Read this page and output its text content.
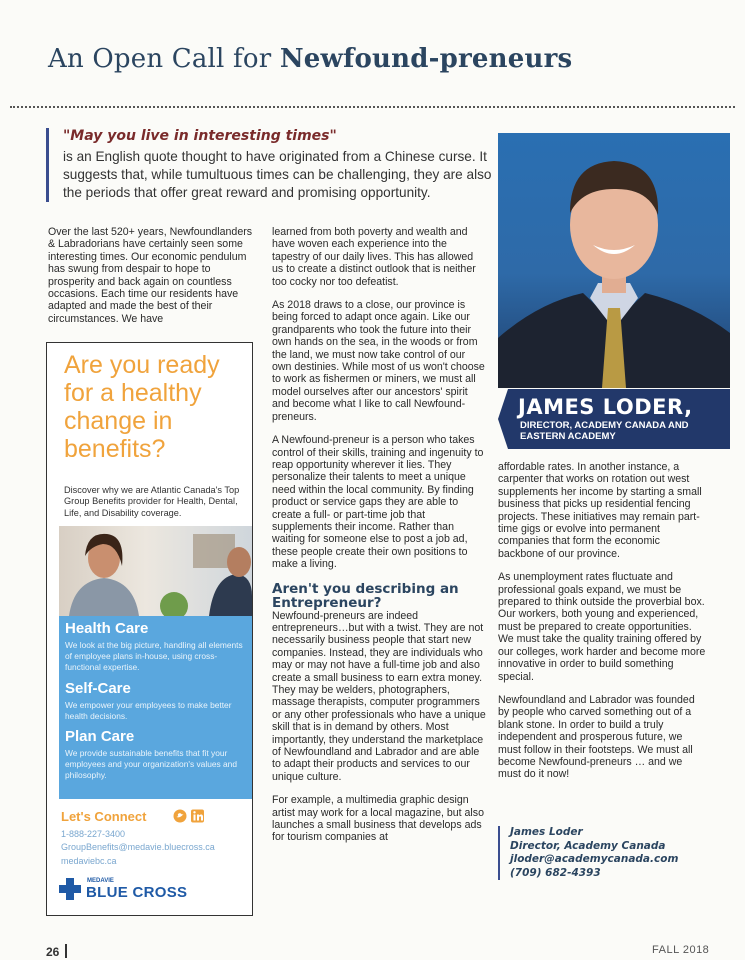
An Open Call for Newfound-preneurs
"May you live in interesting times"
is an English quote thought to have originated from a Chinese curse. It suggests that, while tumultuous times can be challenging, they are also the periods that offer great reward and promising opportunity.

Over the last 520+ years, Newfoundlanders & Labradorians have certainly seen some interesting times. Our economic pendulum has swung from despair to hope to prosperity and back again on countless occasions. Each time our residents have adapted and made the best of their circumstances. We have

learned from both poverty and wealth and have woven each experience into the tapestry of our daily lives. This has allowed us to create a distinct outlook that is neither too cocky nor too defeatist.

As 2018 draws to a close, our province is being forced to adapt once again. Like our grandparents who took the future into their own hands on the sea, in the woods or from the land, we must now take control of our own destinies. While most of us won't choose to work as fishermen or miners, we must all model ourselves after our ancestors' spirit and become what I like to call Newfound-preneurs.

A Newfound-preneur is a person who takes control of their skills, training and ingenuity to reap opportunity wherever it lies. They personalize their talents to meet a unique need within the local community. By finding product or service gaps they are able to create a full- or part-time job that supplements their income. Rather than waiting for someone else to post a job ad, these people create their own positions to make a living.

Aren't you describing an Entrepreneur?

Newfound-preneurs are indeed entrepreneurs…but with a twist. They are not necessarily business people that start new companies. Instead, they are individuals who may or may not have a full-time job and also create a small business to earn extra money. They may be welders, photographers, massage therapists, computer programmers or any other professionals who have a unique skill that is in demand by others. Most importantly, they understand the marketplace of Newfoundland and Labrador and are able to adapt their products and services to our unique culture.

For example, a multimedia graphic design artist may work for a local magazine, but also launches a small business that develops ads for tourism companies at

JAMES LODER,
DIRECTOR, ACADEMY CANADA AND
EASTERN ACADEMY

affordable rates. In another instance, a carpenter that works on rotation out west supplements her income by starting a small business that picks up residential fencing projects. These initiatives may remain part-time gigs or evolve into permanent companies that form the economic backbone of our province.

As unemployment rates fluctuate and professional goals expand, we must be prepared to think outside the proverbial box. Our workers, both young and experienced, must be prepared to create opportunities. We must take the quality training offered by our colleges, work harder and become more innovative in order to build something special.

Newfoundland and Labrador was founded by people who carved something out of a blank stone. In order to build a truly independent and prosperous future, we must follow in their footsteps. We must all become Newfound-preneurs … and we must do it now!

James Loder
Director, Academy Canada
jloder@academycanada.com
(709) 682-4393
Are you ready for a healthy change in benefits?
Discover why we are Atlantic Canada's Top Group Benefits provider for Health, Dental, Life, and Disability coverage.
Health Care
We look at the big picture, handling all elements of employee plans in-house, using cross-functional expertise.
Self-Care
We empower your employees to make better health decisions.
Plan Care
We provide sustainable benefits that fit your employees and your organization's values and philosophy.
Let's Connect
1-888-227-3400
GroupBenefits@medavie.bluecross.ca
medaviebc.ca
MEDAVIE
BLUE CROSS
26	FALL 2018
